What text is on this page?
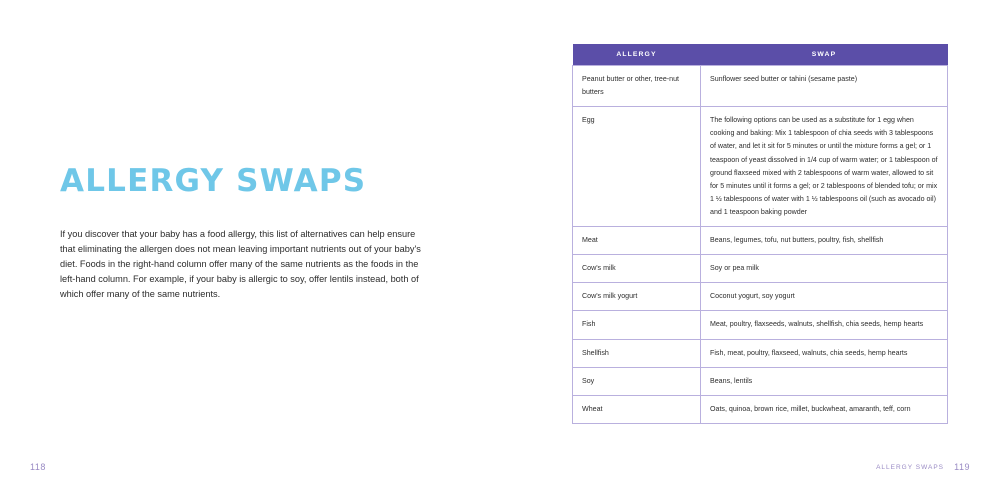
ALLERGY SWAPS
If you discover that your baby has a food allergy, this list of alternatives can help ensure that eliminating the allergen does not mean leaving important nutrients out of your baby's diet. Foods in the right-hand column offer many of the same nutrients as the foods in the left-hand column. For example, if your baby is allergic to soy, offer lentils instead, both of which offer many of the same nutrients.
118
ALLERGY	SWAP
Peanut butter or other, tree-nut butters	Sunflower seed butter or tahini (sesame paste)
Egg	The following options can be used as a substitute for 1 egg when cooking and baking: Mix 1 tablespoon of chia seeds with 3 tablespoons of water, and let it sit for 5 minutes or until the mixture forms a gel; or 1 teaspoon of yeast dissolved in 1/4 cup of warm water; or 1 tablespoon of ground flaxseed mixed with 2 tablespoons of warm water, allowed to sit for 5 minutes until it forms a gel; or 2 tablespoons of blended tofu; or mix 1 ½ tablespoons of water with 1 ½ tablespoons oil (such as avocado oil) and 1 teaspoon baking powder
Meat	Beans, legumes, tofu, nut butters, poultry, fish, shellfish
Cow's milk	Soy or pea milk
Cow's milk yogurt	Coconut yogurt, soy yogurt
Fish	Meat, poultry, flaxseeds, walnuts, shellfish, chia seeds, hemp hearts
Shellfish	Fish, meat, poultry, flaxseed, walnuts, chia seeds, hemp hearts
Soy	Beans, lentils
Wheat	Oats, quinoa, brown rice, millet, buckwheat, amaranth, teff, corn
ALLERGY SWAPS 119
